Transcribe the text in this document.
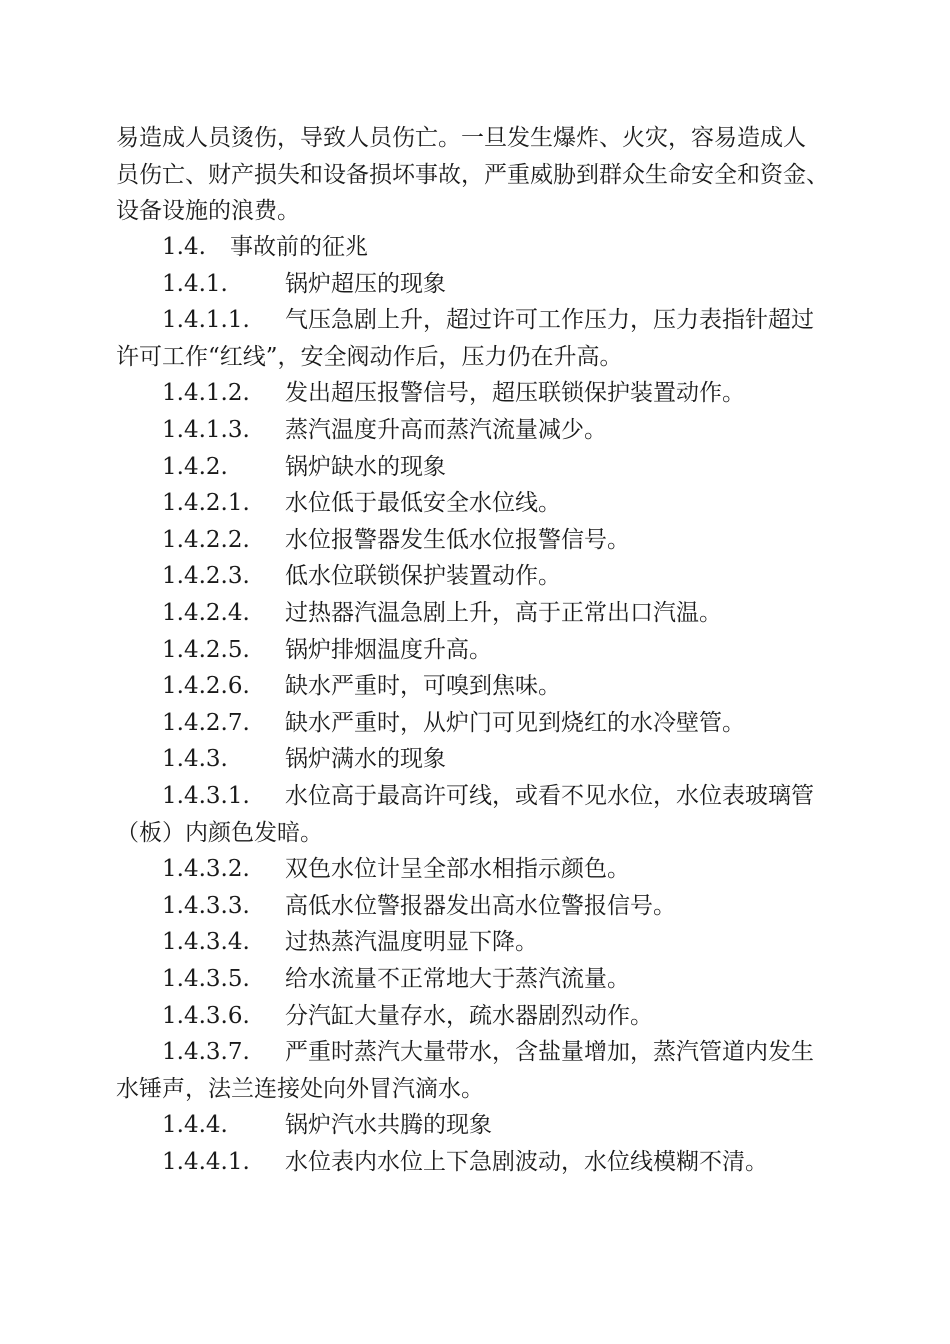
易造成人员烫伤，导致人员伤亡。一旦发生爆炸、火灾，容易造成人
员伤亡、财产损失和设备损坏事故，严重威胁到群众生命安全和资金、
设备设施的浪费。
1.4. 事故前的征兆
1.4.1. 锅炉超压的现象
1.4.1.1. 气压急剧上升，超过许可工作压力，压力表指针超过
许可工作“红线”，安全阀动作后，压力仍在升高。
1.4.1.2. 发出超压报警信号，超压联锁保护装置动作。
1.4.1.3. 蒸汽温度升高而蒸汽流量减少。
1.4.2. 锅炉缺水的现象
1.4.2.1. 水位低于最低安全水位线。
1.4.2.2. 水位报警器发生低水位报警信号。
1.4.2.3. 低水位联锁保护装置动作。
1.4.2.4. 过热器汽温急剧上升，高于正常出口汽温。
1.4.2.5. 锅炉排烟温度升高。
1.4.2.6. 缺水严重时，可嗅到焦味。
1.4.2.7. 缺水严重时，从炉门可见到烧红的水冷壁管。
1.4.3. 锅炉满水的现象
1.4.3.1. 水位高于最高许可线，或看不见水位，水位表玻璃管
（板）内颜色发暗。
1.4.3.2. 双色水位计呈全部水相指示颜色。
1.4.3.3. 高低水位警报器发出高水位警报信号。
1.4.3.4. 过热蒸汽温度明显下降。
1.4.3.5. 给水流量不正常地大于蒸汽流量。
1.4.3.6. 分汽缸大量存水，疏水器剧烈动作。
1.4.3.7. 严重时蒸汽大量带水，含盐量增加，蒸汽管道内发生
水锤声，法兰连接处向外冒汽滴水。
1.4.4. 锅炉汽水共腾的现象
1.4.4.1. 水位表内水位上下急剧波动，水位线模糊不清。
